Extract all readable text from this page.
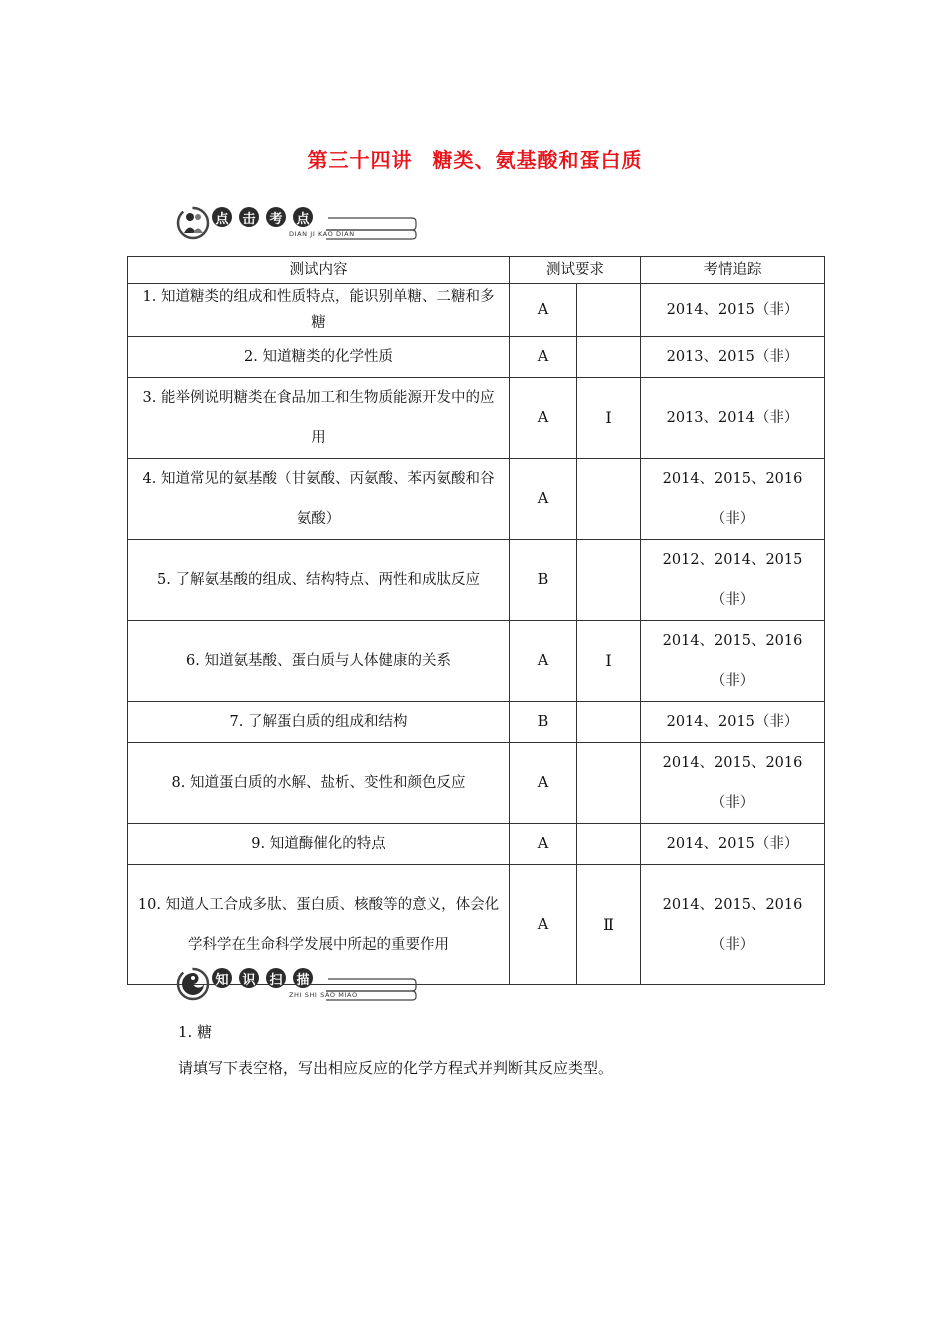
第三十四讲 糖类、氨基酸和蛋白质
点 击 考 点
DIAN JI KAO DIAN
测试内容	测试要求		考情追踪
1. 知道糖类的组成和性质特点，能识别单糖、二糖和多糖	A		2014、2015（非）
2. 知道糖类的化学性质	A		2013、2015（非）
3. 能举例说明糖类在食品加工和生物质能源开发中的应用	A	Ⅰ	2013、2014（非）
4. 知道常见的氨基酸（甘氨酸、丙氨酸、苯丙氨酸和谷氨酸）	A		2014、2015、2016（非）
5. 了解氨基酸的组成、结构特点、两性和成肽反应	B		2012、2014、2015（非）
6. 知道氨基酸、蛋白质与人体健康的关系	A	Ⅰ	2014、2015、2016（非）
7. 了解蛋白质的组成和结构	B		2014、2015（非）
8. 知道蛋白质的水解、盐析、变性和颜色反应	A		2014、2015、2016（非）
9. 知道酶催化的特点	A		2014、2015（非）
10. 知道人工合成多肽、蛋白质、核酸等的意义，体会化学科学在生命科学发展中所起的重要作用	A	Ⅱ	2014、2015、2016（非）
知 识 扫 描
ZHI SHI SAO MIAO
1. 糖
请填写下表空格，写出相应反应的化学方程式并判断其反应类型。
